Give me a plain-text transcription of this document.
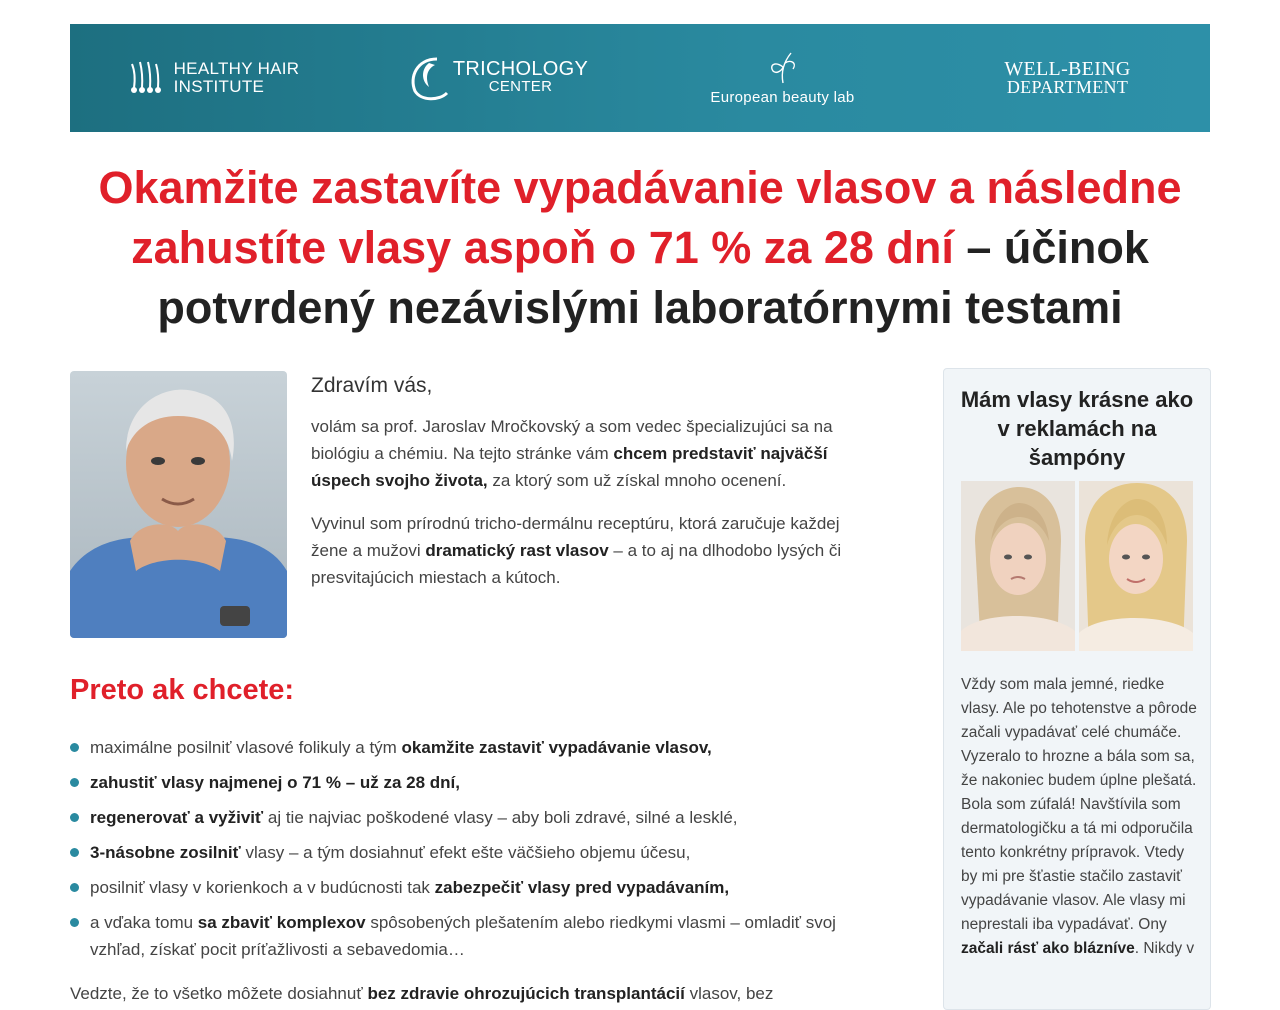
HEALTHY HAIR
INSTITUTE
TRICHOLOGY
CENTER
European beauty lab
WELL-BEING
DEPARTMENT
Okamžite zastavíte vypadávanie vlasov a následne zahustíte vlasy aspoň o 71 % za 28 dní – účinok potvrdený nezávislými laboratórnymi testami

Zdravím vás,

volám sa prof. Jaroslav Mročkovský a som vedec špecializujúci sa na biológiu a chémiu. Na tejto stránke vám chcem predstaviť najväčší úspech svojho života, za ktorý som už získal mnoho ocenení.

Vyvinul som prírodnú tricho-dermálnu receptúru, ktorá zaručuje každej žene a mužovi dramatický rast vlasov – a to aj na dlhodobo lysých či presvitajúcich miestach a kútoch.

Preto ak chcete:
maximálne posilniť vlasové folikuly a tým okamžite zastaviť vypadávanie vlasov,
zahustiť vlasy najmenej o 71 % – už za 28 dní,
regenerovať a vyživiť aj tie najviac poškodené vlasy – aby boli zdravé, silné a lesklé,
3-násobne zosilniť vlasy – a tým dosiahnuť efekt ešte väčšieho objemu účesu,
posilniť vlasy v korienkoch a v budúcnosti tak zabezpečiť vlasy pred vypadávaním,
a vďaka tomu sa zbaviť komplexov spôsobených plešatením alebo riedkymi vlasmi – omladiť svoj vzhľad, získať pocit príťažlivosti a sebavedomia…
Vedzte, že to všetko môžete dosiahnuť bez zdravie ohrozujúcich transplantácií vlasov, bez
Mám vlasy krásne ako v reklamách na šampóny

Vždy som mala jemné, riedke vlasy. Ale po tehotenstve a pôrode začali vypadávať celé chumáče. Vyzeralo to hrozne a bála som sa, že nakoniec budem úplne plešatá. Bola som zúfalá! Navštívila som dermatologičku a tá mi odporučila tento konkrétny prípravok. Vtedy by mi pre šťastie stačilo zastaviť vypadávanie vlasov. Ale vlasy mi neprestali iba vypadávať. Ony začali rásť ako blázníve. Nikdy v
